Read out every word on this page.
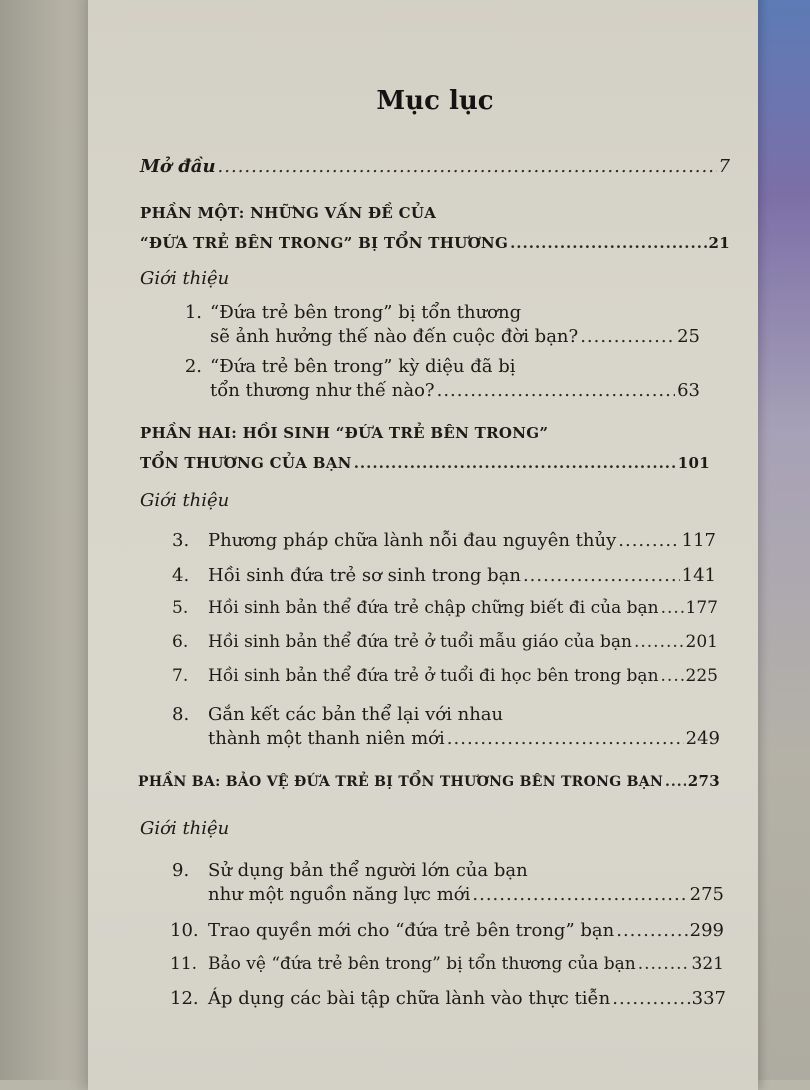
Mục lục
Mở đầu .....	7
PHẦN MỘT: NHỮNG VẤN ĐỀ CỦA
“ĐỨA TRẺ BÊN TRONG” BỊ TỔN THƯƠNG .....	21
Giới thiệu
1. “Đứa trẻ bên trong” bị tổn thương
sẽ ảnh hưởng thế nào đến cuộc đời bạn? .....	25
2. “Đứa trẻ bên trong” kỳ diệu đã bị
tổn thương như thế nào? .....	63
PHẦN HAI: HỒI SINH “ĐỨA TRẺ BÊN TRONG”
TỔN THƯƠNG CỦA BẠN .....	101
Giới thiệu
3.	Phương pháp chữa lành nỗi đau nguyên thủy .....	117
4.	Hồi sinh đứa trẻ sơ sinh trong bạn .....	141
5.	Hồi sinh bản thể đứa trẻ chập chững biết đi của bạn ..... 177
6.	Hồi sinh bản thể đứa trẻ ở tuổi mẫu giáo của bạn .....	201
7.	Hồi sinh bản thể đứa trẻ ở tuổi đi học bên trong bạn ..... 225
8. Gắn kết các bản thể lại với nhau
thành một thanh niên mới .....	249
PHẦN BA: BẢO VỆ ĐỨA TRẺ BỊ TỔN THƯƠNG BÊN TRONG BẠN ..... 273
Giới thiệu
9. Sử dụng bản thể người lớn của bạn
như một nguồn năng lực mới .....	275
10. Trao quyền mới cho “đứa trẻ bên trong” bạn .....	299
11. Bảo vệ “đứa trẻ bên trong” bị tổn thương của bạn .....	321
12. Áp dụng các bài tập chữa lành vào thực tiễn .....	337
